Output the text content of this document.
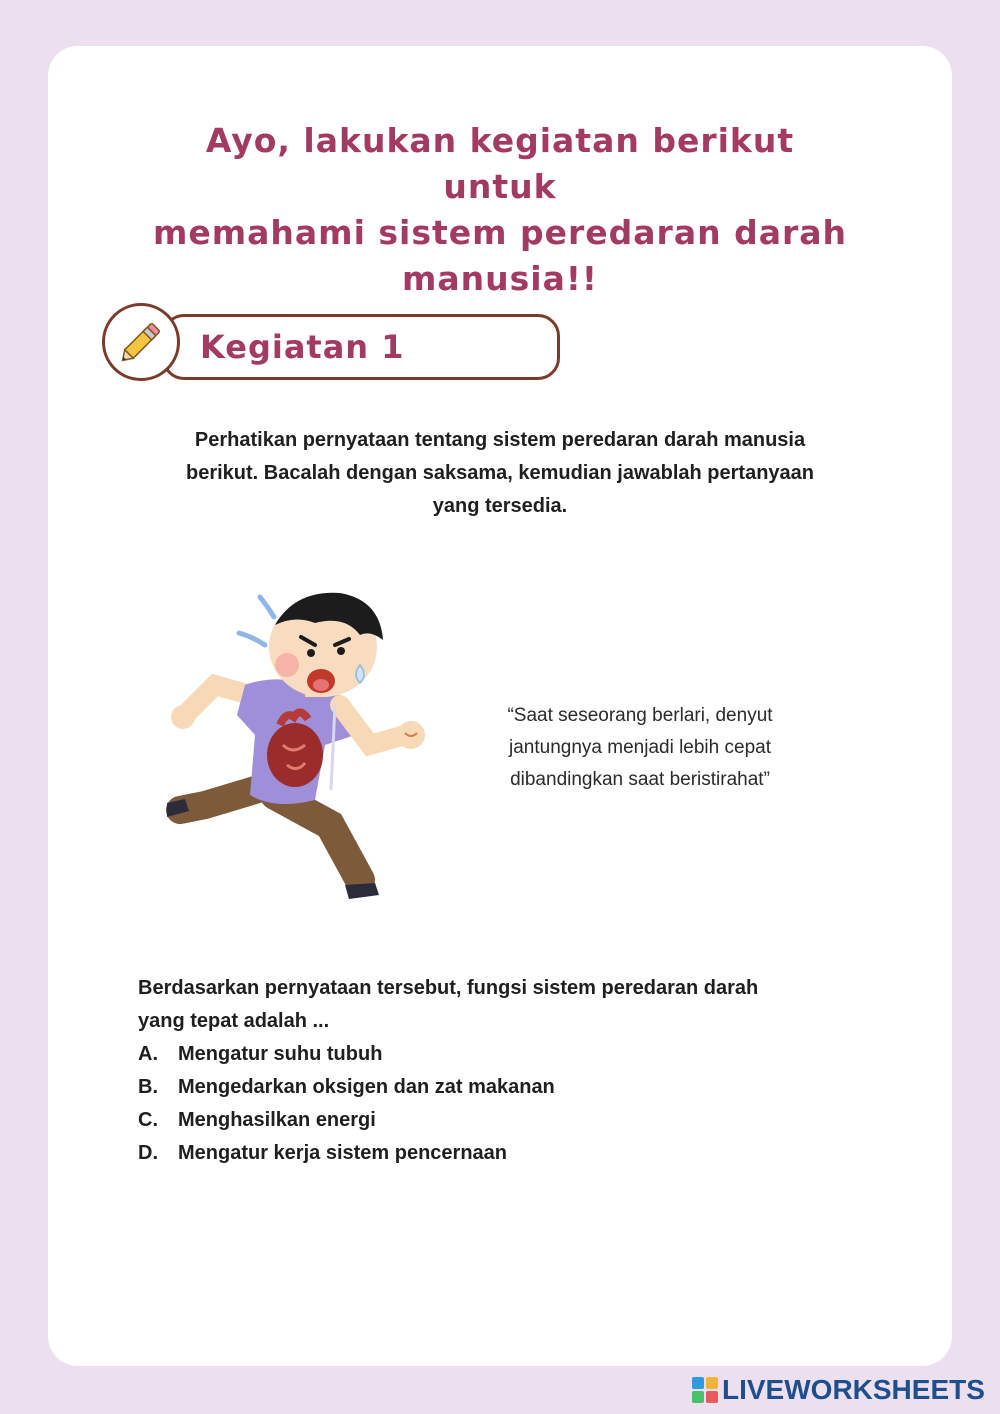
Ayo, lakukan kegiatan berikut untuk
memahami sistem peredaran darah
manusia!!
Kegiatan 1
Perhatikan pernyataan tentang sistem peredaran darah manusia
berikut. Bacalah dengan saksama, kemudian jawablah pertanyaan
yang tersedia.
“Saat seseorang berlari, denyut
jantungnya menjadi lebih cepat
dibandingkan saat beristirahat”
Berdasarkan pernyataan tersebut, fungsi sistem peredaran darah
yang tepat adalah ...
A. Mengatur suhu tubuh
B. Mengedarkan oksigen dan zat makanan
C. Menghasilkan energi
D. Mengatur kerja sistem pencernaan
LIVEWORKSHEETS
